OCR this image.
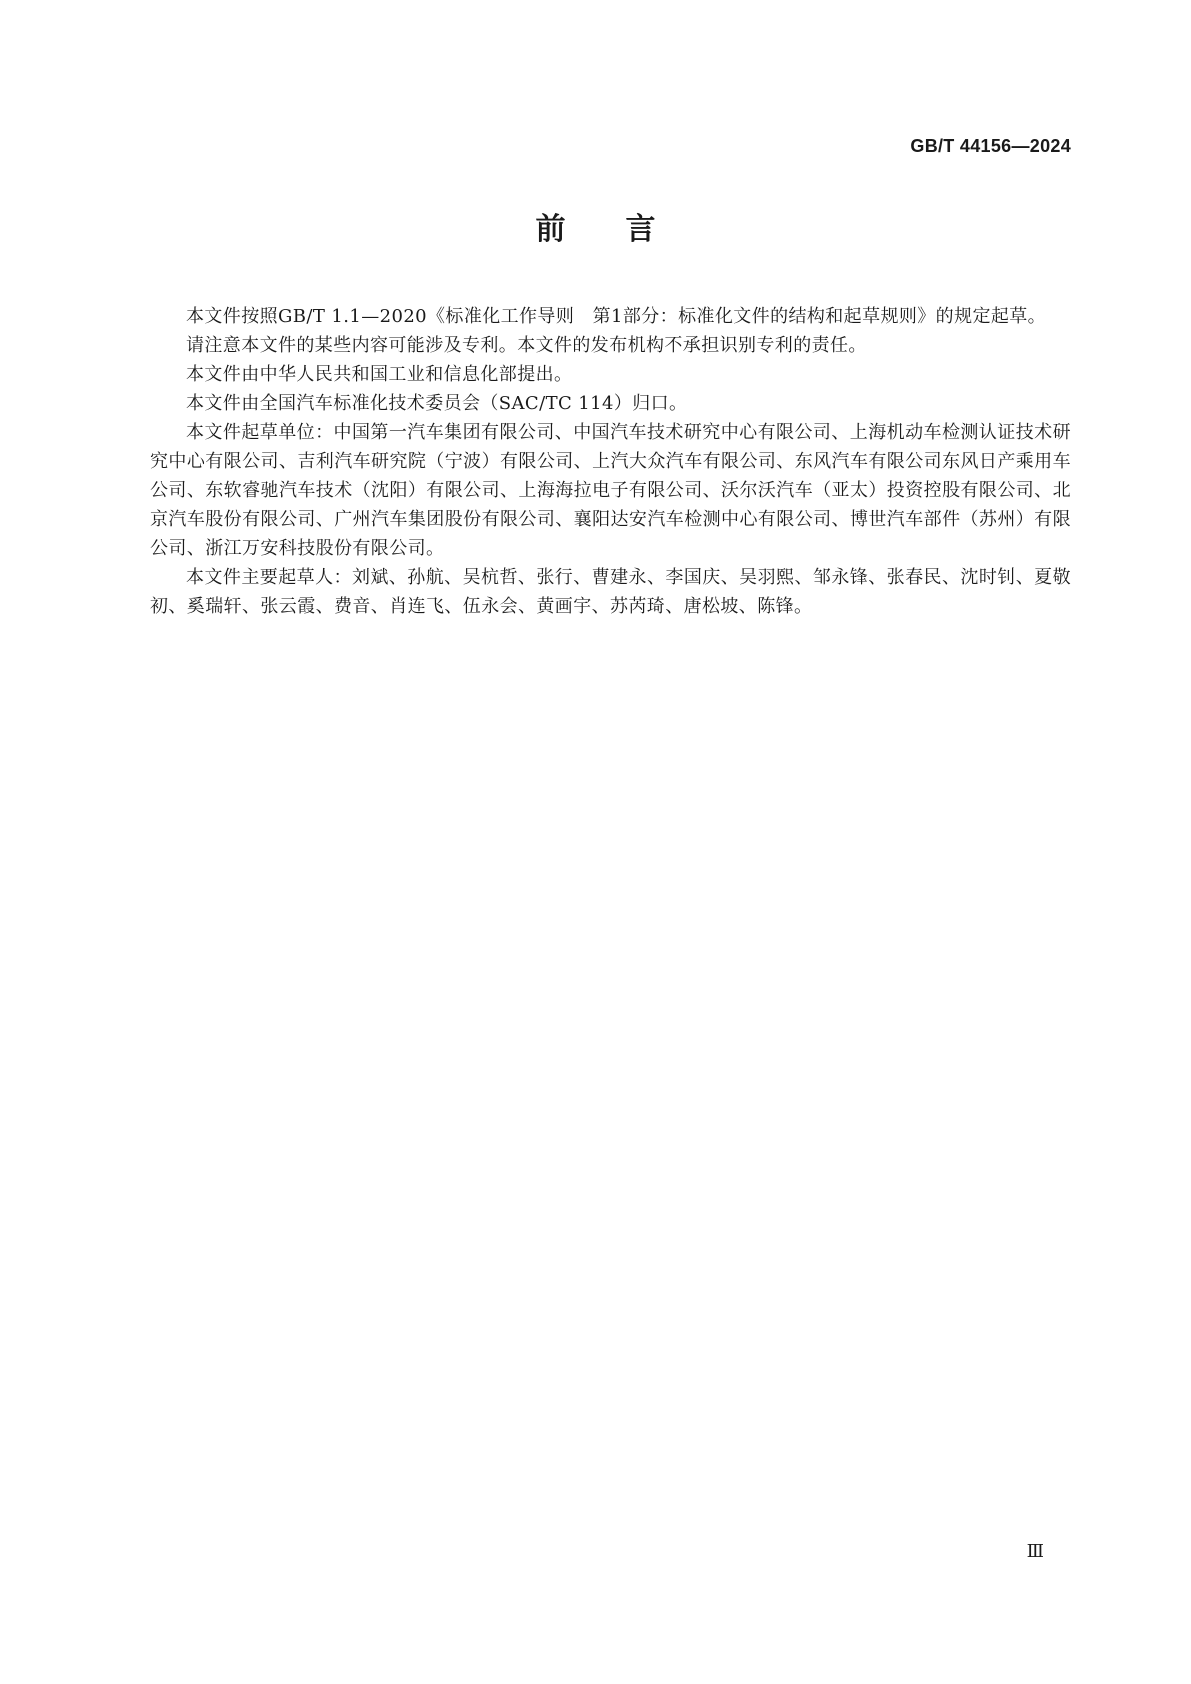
GB/T 44156—2024
前言

本文件按照GB/T 1.1—2020《标准化工作导则　第1部分：标准化文件的结构和起草规则》的规定起草。

请注意本文件的某些内容可能涉及专利。本文件的发布机构不承担识别专利的责任。

本文件由中华人民共和国工业和信息化部提出。

本文件由全国汽车标准化技术委员会（SAC/TC 114）归口。

本文件起草单位：中国第一汽车集团有限公司、中国汽车技术研究中心有限公司、上海机动车检测认证技术研究中心有限公司、吉利汽车研究院（宁波）有限公司、上汽大众汽车有限公司、东风汽车有限公司东风日产乘用车公司、东软睿驰汽车技术（沈阳）有限公司、上海海拉电子有限公司、沃尔沃汽车（亚太）投资控股有限公司、北京汽车股份有限公司、广州汽车集团股份有限公司、襄阳达安汽车检测中心有限公司、博世汽车部件（苏州）有限公司、浙江万安科技股份有限公司。

本文件主要起草人：刘斌、孙航、吴杭哲、张行、曹建永、李国庆、吴羽熙、邹永锋、张春民、沈时钊、夏敬初、奚瑞轩、张云霞、费音、肖连飞、伍永会、黄画宇、苏芮琦、唐松坡、陈锋。

Ⅲ
